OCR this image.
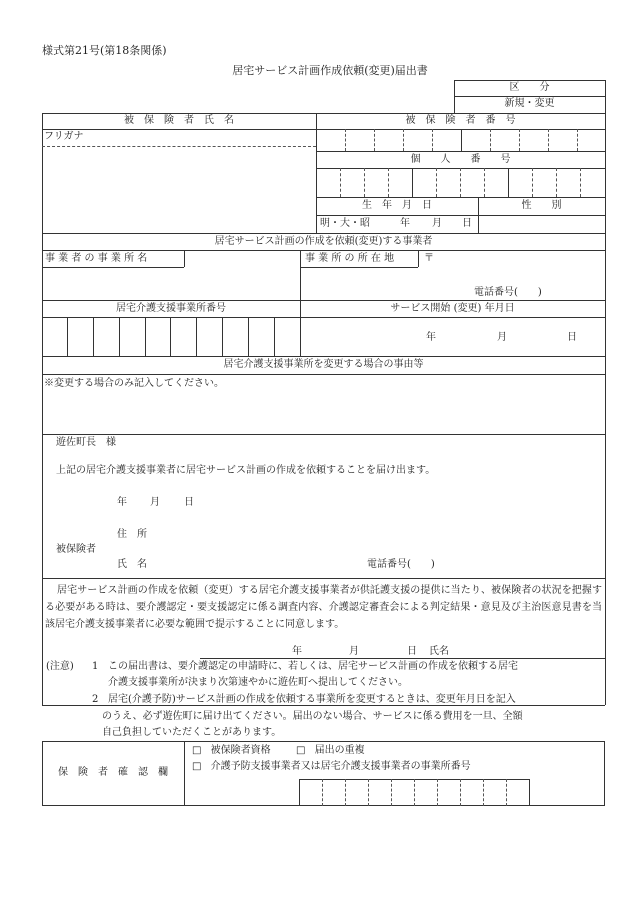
様式第21号(第18条関係)
居宅サービス計画作成依頼(変更)届出書
区　　分
新規・変更
被　保　険　者　氏　名	被　保　険　者　番　号
フリガナ
個　　人　　番　　号
生　年　月　日	性　　別
明・大・昭	年 月 日
居宅サービス計画の作成を依頼(変更)する事業者
事 業 者 の 事 業 所 名	事 業 所 の 所 在 地	〒
電話番号(　　)
居宅介護支援事業所番号	サービス開始 (変更) 年月日
年	月	日
居宅介護支援事業所を変更する場合の事由等
※変更する場合のみ記入してください。
遊佐町長　様
上記の居宅介護支援事業者に居宅サービス計画の作成を依頼することを届け出ます。
年 月 日
住　所
被保険者
氏　名	電話番号(　　)
居宅サービス計画の作成を依頼（変更）する居宅介護支援事業者が供託護支援の提供に当たり、被保険者の状況を把握する必要がある時は、要介護認定・要支援認定に係る調査内容、介護認定審査会による判定結果・意見及び主治医意見書を当該居宅介護支援事業者に必要な範囲で提示することに同意します。
年	月	日 氏名
(注意) 1 この届出書は、要介護認定の申請時に、若しくは、居宅サービス計画の作成を依頼する居宅
介護支援事業所が決まり次第速やかに遊佐町へ提出してください。
2 居宅(介護予防)サービス計画の作成を依頼する事業所を変更するときは、変更年月日を記入
のうえ、必ず遊佐町に届け出てください。届出のない場合、サービスに係る費用を一旦、全額
自己負担していただくことがあります。
保　険　者　確　認　欄
□ 被保険者資格	□ 届出の重複
□ 介護予防支援事業者又は居宅介護支援事業者の事業所番号
